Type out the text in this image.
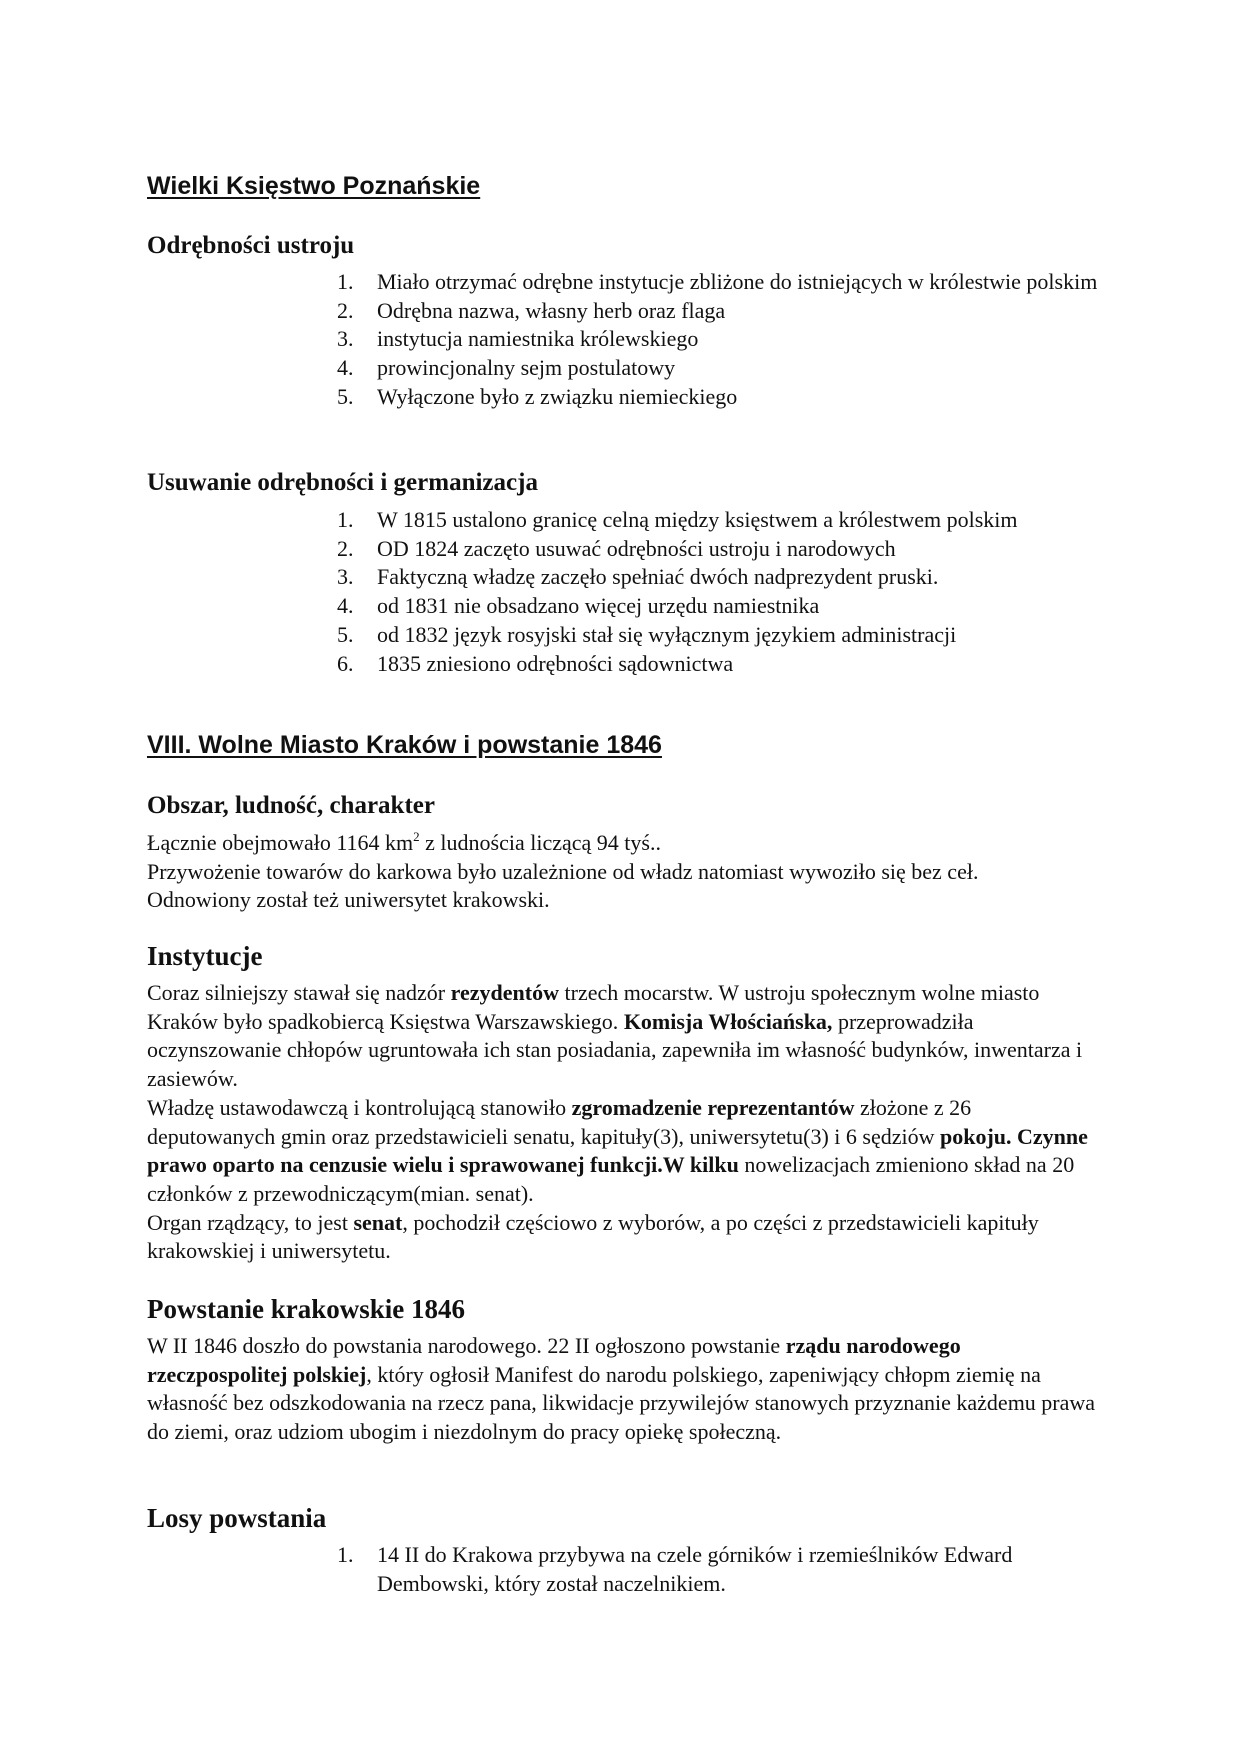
Wielki Księstwo Poznańskie
Odrębności ustroju
1. Miało otrzymać odrębne instytucje zbliżone do istniejących w królestwie polskim
2. Odrębna nazwa, własny herb oraz flaga
3. instytucja namiestnika królewskiego
4. prowincjonalny sejm postulatowy
5. Wyłączone było z związku niemieckiego
Usuwanie odrębności i germanizacja
1. W 1815 ustalono granicę celną między księstwem a królestwem polskim
2. OD 1824 zaczęto usuwać odrębności ustroju i narodowych
3. Faktyczną władzę zaczęło spełniać dwóch nadprezydent pruski.
4. od 1831 nie obsadzano więcej urzędu namiestnika
5. od 1832 język rosyjski stał się wyłącznym językiem administracji
6. 1835 zniesiono odrębności sądownictwa
VIII. Wolne Miasto Kraków i powstanie 1846
Obszar, ludność, charakter

Łącznie obejmowało 1164 $km^2$ z ludnościa liczącą 94 tyś..

Przywożenie towarów do karkowa było uzależnione od władz natomiast wywoziło się bez ceł.

Odnowiony został też uniwersytet krakowski.

Instytucje

Coraz silniejszy stawał się nadzór rezydentów trzech mocarstw. W ustroju społecznym wolne miasto Kraków było spadkobiercą Księstwa Warszawskiego. Komisja Włościańska, przeprowadziła oczynszowanie chłopów ugruntowała ich stan posiadania, zapewniła im własność budynków, inwentarza i zasiewów.

Władzę ustawodawczą i kontrolującą stanowiło zgromadzenie reprezentantów złożone z 26 deputowanych gmin oraz przedstawicieli senatu, kapituły(3), uniwersytetu(3) i 6 sędziów pokoju. Czynne prawo oparto na cenzusie wielu i sprawowanej funkcji.W kilku nowelizacjach zmieniono skład na 20 członków z przewodniczącym(mian. senat).

Organ rządzący, to jest senat, pochodził częściowo z wyborów, a po części z przedstawicieli kapituły krakowskiej i uniwersytetu.

Powstanie krakowskie 1846

W II 1846 doszło do powstania narodowego. 22 II ogłoszono powstanie rządu narodowego rzeczpospolitej polskiej, który ogłosił Manifest do narodu polskiego, zapeniwjący chłopm ziemię na własność bez odszkodowania na rzecz pana, likwidacje przywilejów stanowych przyznanie każdemu prawa do ziemi, oraz udziom ubogim i niezdolnym do pracy opiekę społeczną.

Losy powstania
1. 14 II do Krakowa przybywa na czele górników i rzemieślników Edward Dembowski, który został naczelnikiem.
